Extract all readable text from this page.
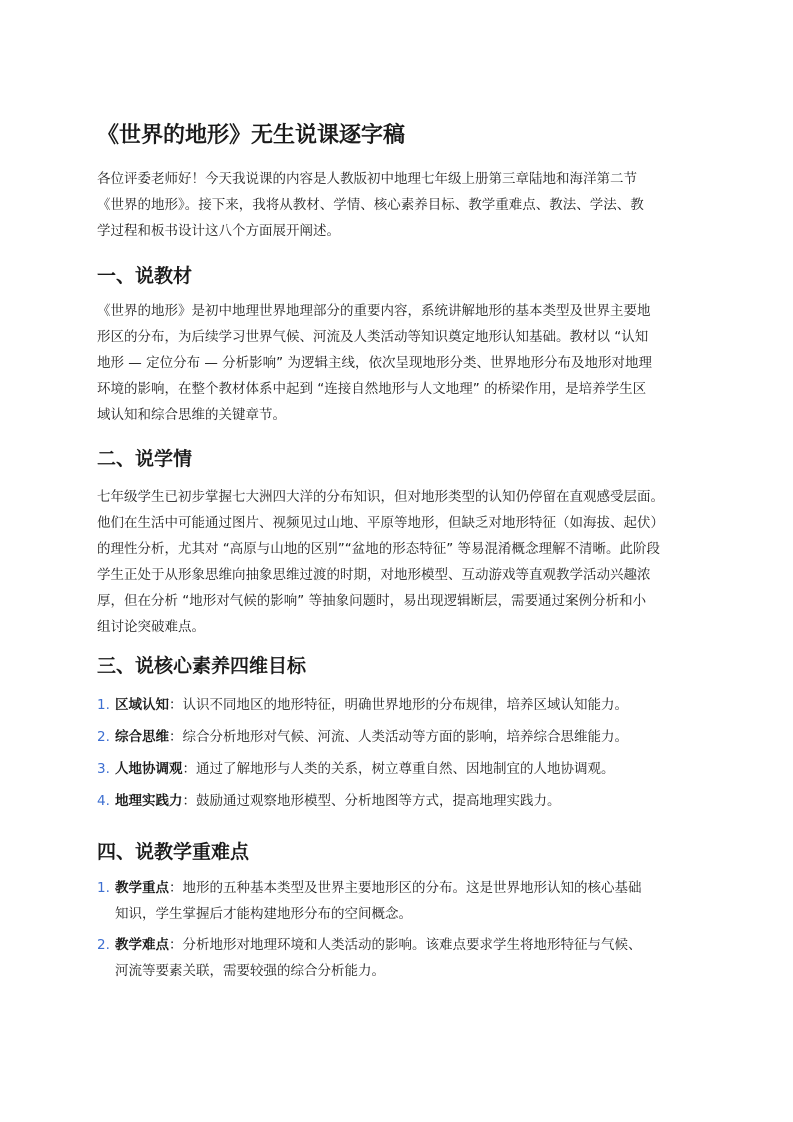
《世界的地形》无生说课逐字稿

各位评委老师好！今天我说课的内容是人教版初中地理七年级上册第三章陆地和海洋第二节
《世界的地形》。接下来，我将从教材、学情、核心素养目标、教学重难点、教法、学法、教
学过程和板书设计这八个方面展开阐述。

一、说教材

《世界的地形》是初中地理世界地理部分的重要内容，系统讲解地形的基本类型及世界主要地
形区的分布，为后续学习世界气候、河流及人类活动等知识奠定地形认知基础。教材以 “认知
地形 — 定位分布 — 分析影响” 为逻辑主线，依次呈现地形分类、世界地形分布及地形对地理
环境的影响，在整个教材体系中起到 “连接自然地形与人文地理” 的桥梁作用，是培养学生区
域认知和综合思维的关键章节。

二、说学情

七年级学生已初步掌握七大洲四大洋的分布知识，但对地形类型的认知仍停留在直观感受层面。
他们在生活中可能通过图片、视频见过山地、平原等地形，但缺乏对地形特征（如海拔、起伏）
的理性分析，尤其对 “高原与山地的区别”“盆地的形态特征” 等易混淆概念理解不清晰。此阶段
学生正处于从形象思维向抽象思维过渡的时期，对地形模型、互动游戏等直观教学活动兴趣浓
厚，但在分析 “地形对气候的影响” 等抽象问题时，易出现逻辑断层，需要通过案例分析和小
组讨论突破难点。

三、说核心素养四维目标
1. 区域认知：认识不同地区的地形特征，明确世界地形的分布规律，培养区域认知能力。
2. 综合思维：综合分析地形对气候、河流、人类活动等方面的影响，培养综合思维能力。
3. 人地协调观：通过了解地形与人类的关系，树立尊重自然、因地制宜的人地协调观。
4. 地理实践力：鼓励通过观察地形模型、分析地图等方式，提高地理实践力。
四、说教学重难点
1. 教学重点：地形的五种基本类型及世界主要地形区的分布。这是世界地形认知的核心基础
知识，学生掌握后才能构建地形分布的空间概念。
2. 教学难点：分析地形对地理环境和人类活动的影响。该难点要求学生将地形特征与气候、
河流等要素关联，需要较强的综合分析能力。
